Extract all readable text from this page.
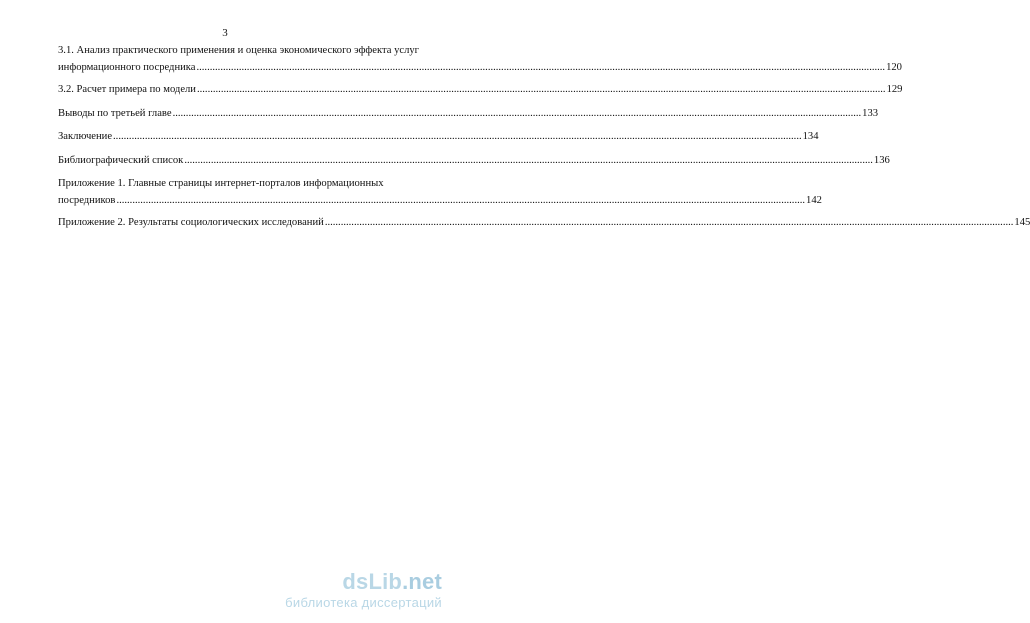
3
3.1. Анализ практического применения и оценка экономического эффекта услуг
информационного посредника .....	120
3.2. Расчет примера по модели .....	129
Выводы по третьей главе .....	133
Заключение .....	134
Библиографический список .....	136
Приложение 1. Главные страницы интернет-порталов информационных
посредников .....	142
Приложение 2. Результаты социологических исследований .....	145
dsLib.net
библиотека диссертаций
